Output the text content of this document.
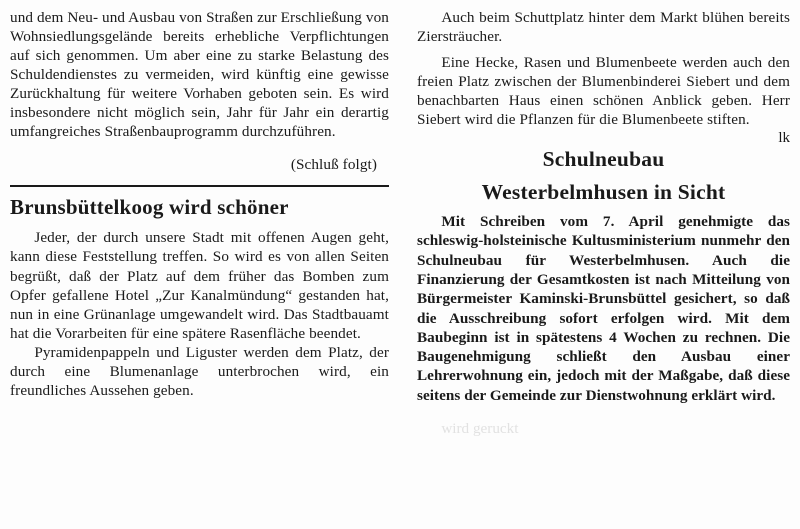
und dem Neu- und Ausbau von Straßen zur Erschließung von Wohnsiedlungsgelände bereits erhebliche Verpflichtungen auf sich genommen. Um aber eine zu starke Belastung des Schuldendienstes zu vermeiden, wird künftig eine gewisse Zurückhaltung für weitere Vorhaben geboten sein. Es wird insbesondere nicht möglich sein, Jahr für Jahr ein derartig umfangreiches Straßenbauprogramm durchzuführen.

(Schluß folgt)

Brunsbüttelkoog wird schöner

Jeder, der durch unsere Stadt mit offenen Augen geht, kann diese Feststellung treffen. So wird es von allen Seiten begrüßt, daß der Platz auf dem früher das Bomben zum Opfer gefallene Hotel „Zur Kanalmündung“ gestanden hat, nun in eine Grünanlage umgewandelt wird. Das Stadtbauamt hat die Vorarbeiten für eine spätere Rasenfläche beendet.

Pyramidenpappeln und Liguster werden dem Platz, der durch eine Blumenanlage unterbrochen wird, ein freundliches Aussehen geben.

Auch beim Schuttplatz hinter dem Markt blühen bereits Ziersträucher.

Eine Hecke, Rasen und Blumenbeete werden auch den freien Platz zwischen der Blumenbinderei Siebert und dem benachbarten Haus einen schönen Anblick geben. Herr Siebert wird die Pflanzen für die Blumenbeete stiften.

lk
Schulneubau
Westerbelmhusen in Sicht

Mit Schreiben vom 7. April genehmigte das schleswig-holsteinische Kultusministerium nunmehr den Schulneubau für Westerbelmhusen. Auch die Finanzierung der Gesamtkosten ist nach Mitteilung von Bürgermeister Kaminski-Brunsbüttel gesichert, so daß die Ausschreibung sofort erfolgen wird. Mit dem Baubeginn ist in spätestens 4 Wochen zu rechnen. Die Baugenehmigung schließt den Ausbau einer Lehrerwohnung ein, jedoch mit der Maßgabe, daß diese seitens der Gemeinde zur Dienstwohnung erklärt wird.

wird geruckt
